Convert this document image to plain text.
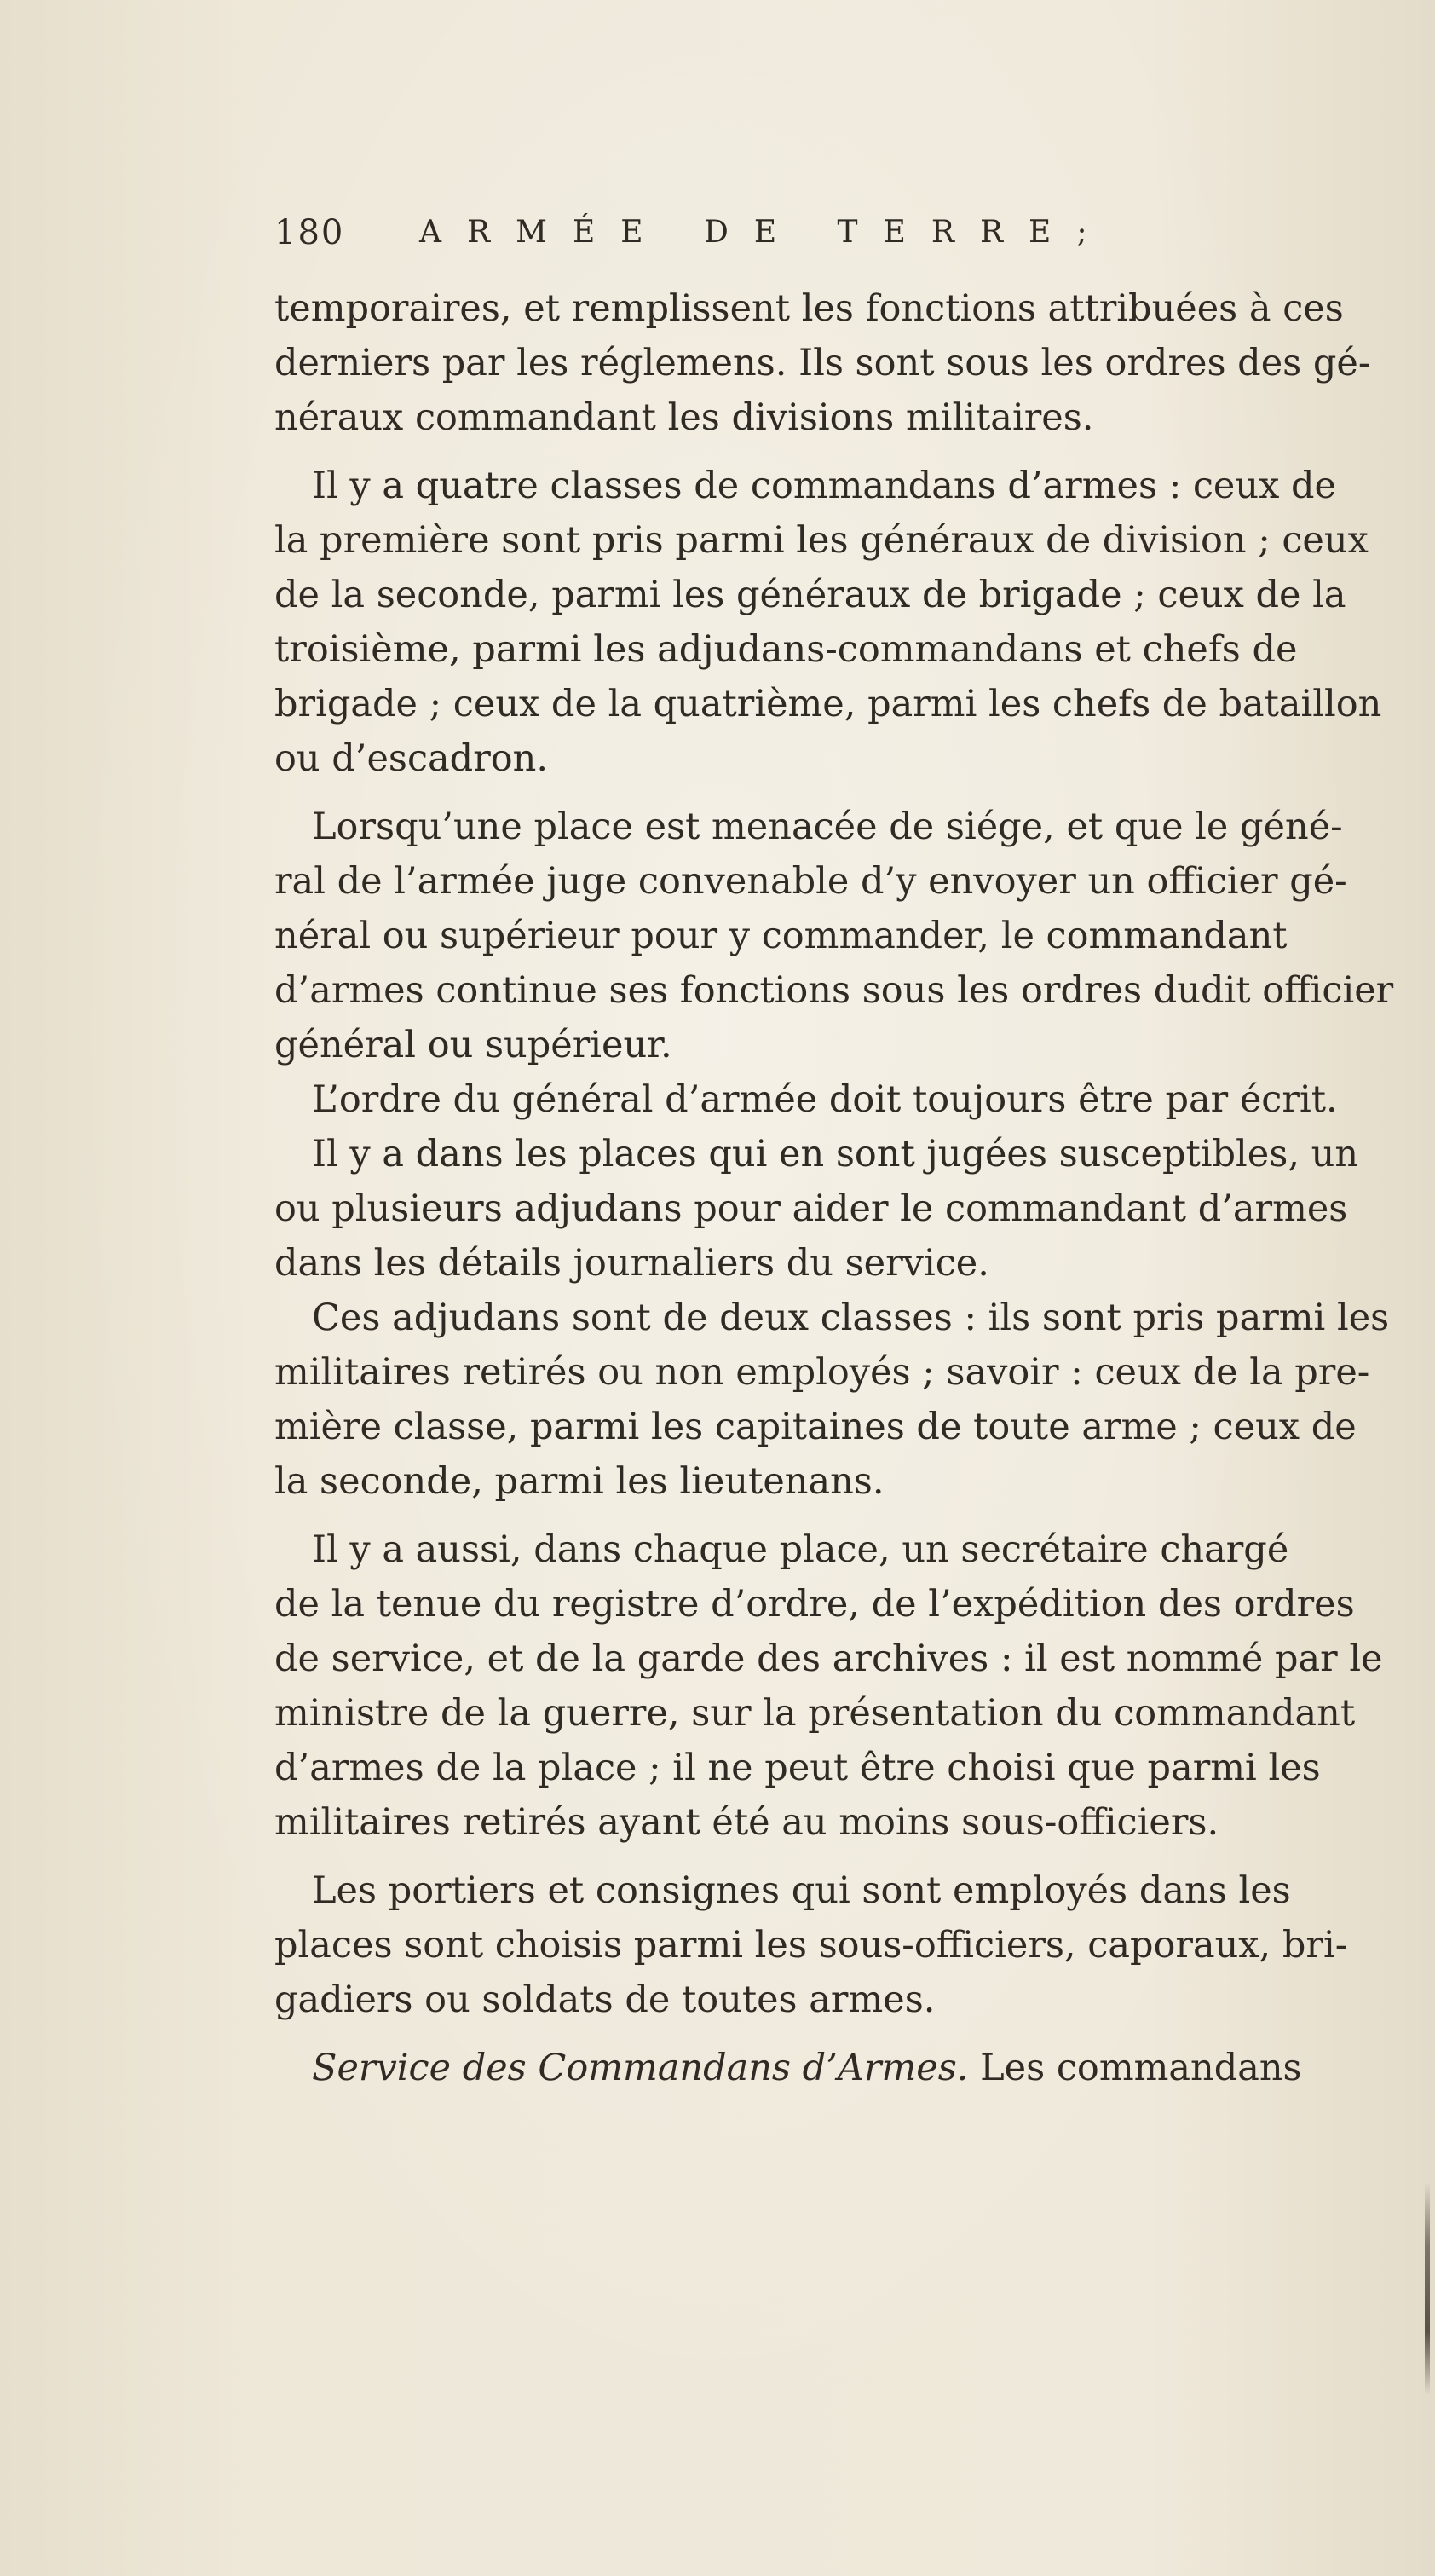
180 ARMÉE DE TERRE;
temporaires, et remplissent les fonctions attribuées à ces
derniers par les réglemens. Ils sont sous les ordres des gé-
néraux commandant les divisions militaires.
Il y a quatre classes de commandans d’armes : ceux de
la première sont pris parmi les généraux de division ; ceux
de la seconde, parmi les généraux de brigade ; ceux de la
troisième, parmi les adjudans-commandans et chefs de
brigade ; ceux de la quatrième, parmi les chefs de bataillon
ou d’escadron.
Lorsqu’une place est menacée de siége, et que le géné-
ral de l’armée juge convenable d’y envoyer un officier gé-
néral ou supérieur pour y commander, le commandant
d’armes continue ses fonctions sous les ordres dudit officier
général ou supérieur.
L’ordre du général d’armée doit toujours être par écrit.
Il y a dans les places qui en sont jugées susceptibles, un
ou plusieurs adjudans pour aider le commandant d’armes
dans les détails journaliers du service.
Ces adjudans sont de deux classes : ils sont pris parmi les
militaires retirés ou non employés ; savoir : ceux de la pre-
mière classe, parmi les capitaines de toute arme ; ceux de
la seconde, parmi les lieutenans.
Il y a aussi, dans chaque place, un secrétaire chargé
de la tenue du registre d’ordre, de l’expédition des ordres
de service, et de la garde des archives : il est nommé par le
ministre de la guerre, sur la présentation du commandant
d’armes de la place ; il ne peut être choisi que parmi les
militaires retirés ayant été au moins sous-officiers.
Les portiers et consignes qui sont employés dans les
places sont choisis parmi les sous-officiers, caporaux, bri-
gadiers ou soldats de toutes armes.
Service des Commandans d’Armes. Les commandans
